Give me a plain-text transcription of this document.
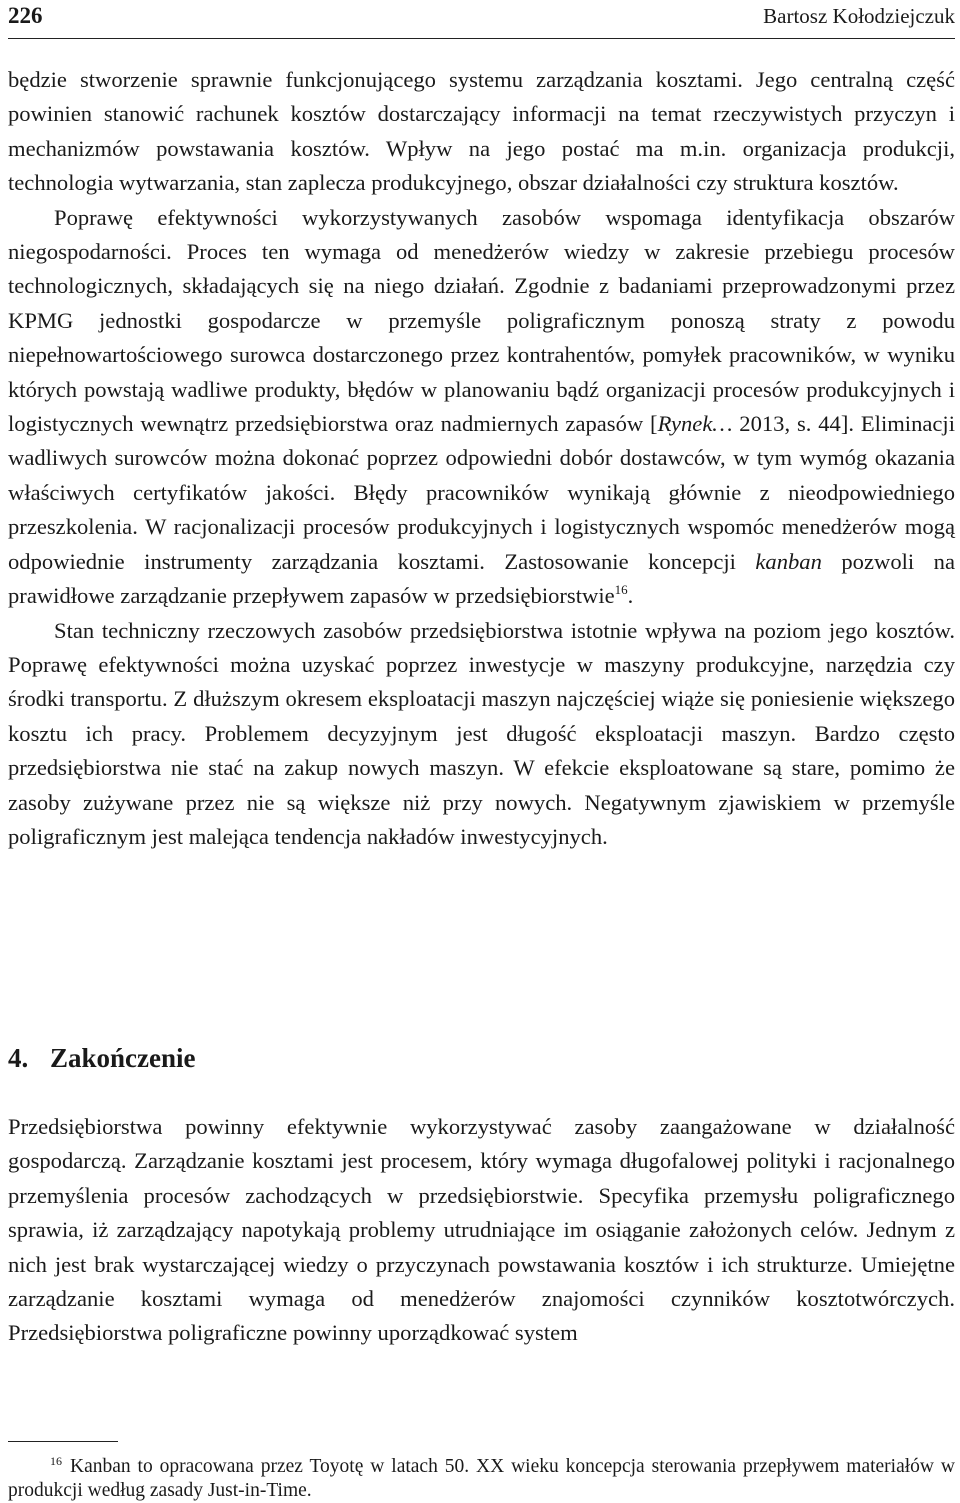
226	Bartosz Kołodziejczuk

będzie stworzenie sprawnie funkcjonującego systemu zarządzania kosztami. Jego centralną część powinien stanowić rachunek kosztów dostarczający informacji na temat rzeczywistych przyczyn i mechanizmów powstawania kosztów. Wpływ na jego postać ma m.in. organizacja produkcji, technologia wytwarzania, stan zaplecza produkcyjnego, obszar działalności czy struktura kosztów.

Poprawę efektywności wykorzystywanych zasobów wspomaga identyfikacja obszarów niegospodarności. Proces ten wymaga od menedżerów wiedzy w zakresie przebiegu procesów technologicznych, składających się na niego działań. Zgodnie z badaniami przeprowadzonymi przez KPMG jednostki gospodarcze w przemyśle poligraficznym ponoszą straty z powodu niepełnowartościowego surowca dostarczonego przez kontrahentów, pomyłek pracowników, w wyniku których powstają wadliwe produkty, błędów w planowaniu bądź organizacji procesów produkcyjnych i logistycznych wewnątrz przedsiębiorstwa oraz nadmiernych zapasów [Rynek… 2013, s. 44]. Eliminacji wadliwych surowców można dokonać poprzez odpowiedni dobór dostawców, w tym wymóg okazania właściwych certyfikatów jakości. Błędy pracowników wynikają głównie z nieodpowiedniego przeszkolenia. W racjonalizacji procesów produkcyjnych i logistycznych wspomóc menedżerów mogą odpowiednie instrumenty zarządzania kosztami. Zastosowanie koncepcji kanban pozwoli na prawidłowe zarządzanie przepływem zapasów w przedsiębiorstwie$^{16}$.

Stan techniczny rzeczowych zasobów przedsiębiorstwa istotnie wpływa na poziom jego kosztów. Poprawę efektywności można uzyskać poprzez inwestycje w maszyny produkcyjne, narzędzia czy środki transportu. Z dłuższym okresem eksploatacji maszyn najczęściej wiąże się poniesienie większego kosztu ich pracy. Problemem decyzyjnym jest długość eksploatacji maszyn. Bardzo często przedsiębiorstwa nie stać na zakup nowych maszyn. W efekcie eksploatowane są stare, pomimo że zasoby zużywane przez nie są większe niż przy nowych. Negatywnym zjawiskiem w przemyśle poligraficznym jest malejąca tendencja nakładów inwestycyjnych.

4. Zakończenie

Przedsiębiorstwa powinny efektywnie wykorzystywać zasoby zaangażowane w działalność gospodarczą. Zarządzanie kosztami jest procesem, który wymaga długofalowej polityki i racjonalnego przemyślenia procesów zachodzących w przedsiębiorstwie. Specyfika przemysłu poligraficznego sprawia, iż zarządzający napotykają problemy utrudniające im osiąganie założonych celów. Jednym z nich jest brak wystarczającej wiedzy o przyczynach powstawania kosztów i ich strukturze. Umiejętne zarządzanie kosztami wymaga od menedżerów znajomości czynników kosztotwórczych. Przedsiębiorstwa poligraficzne powinny uporządkować system

$^{16}$ Kanban to opracowana przez Toyotę w latach 50. XX wieku koncepcja sterowania przepływem materiałów w produkcji według zasady Just-in-Time.
